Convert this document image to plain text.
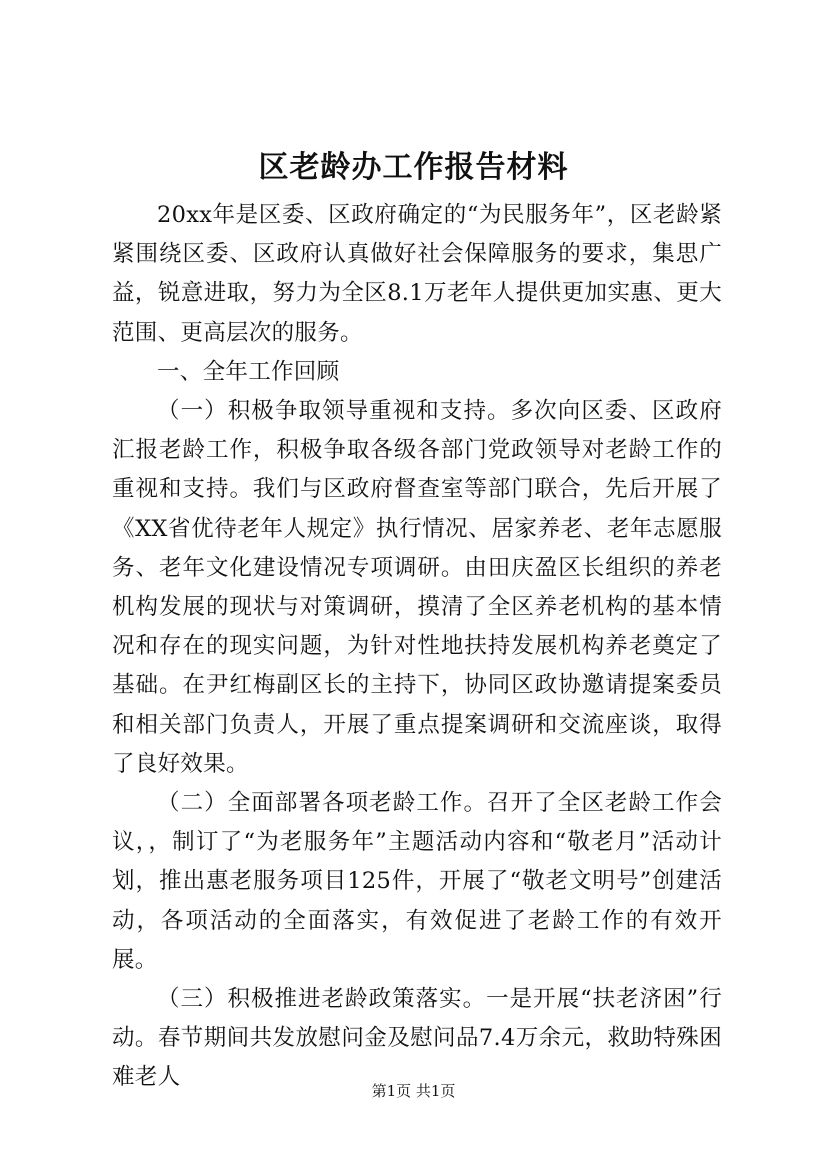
区老龄办工作报告材料

20xx年是区委、区政府确定的“为民服务年”，区老龄紧紧围绕区委、区政府认真做好社会保障服务的要求，集思广益，锐意进取，努力为全区8.1万老年人提供更加实惠、更大范围、更高层次的服务。

一、全年工作回顾

（一）积极争取领导重视和支持。多次向区委、区政府汇报老龄工作，积极争取各级各部门党政领导对老龄工作的重视和支持。我们与区政府督查室等部门联合，先后开展了《XX省优待老年人规定》执行情况、居家养老、老年志愿服务、老年文化建设情况专项调研。由田庆盈区长组织的养老机构发展的现状与对策调研，摸清了全区养老机构的基本情况和存在的现实问题，为针对性地扶持发展机构养老奠定了基础。在尹红梅副区长的主持下，协同区政协邀请提案委员和相关部门负责人，开展了重点提案调研和交流座谈，取得了良好效果。

（二）全面部署各项老龄工作。召开了全区老龄工作会议，，制订了“为老服务年”主题活动内容和“敬老月”活动计划，推出惠老服务项目125件，开展了“敬老文明号”创建活动，各项活动的全面落实，有效促进了老龄工作的有效开展。

（三）积极推进老龄政策落实。一是开展“扶老济困”行动。春节期间共发放慰问金及慰问品7.4万余元，救助特殊困难老人

第1页 共1页
